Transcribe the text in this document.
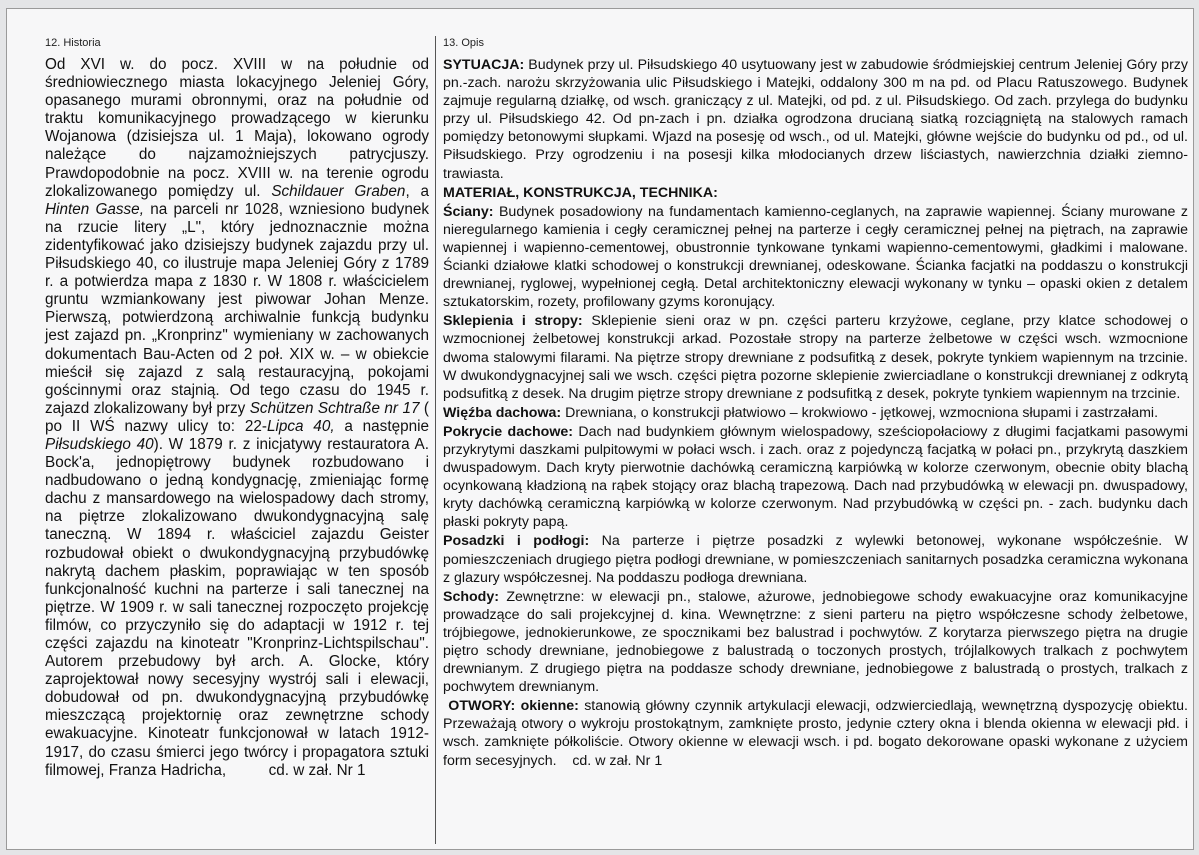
12. Historia

Od XVI w. do pocz. XVIII w na południe od średniowiecznego miasta lokacyjnego Jeleniej Góry, opasanego murami obronnymi, oraz na południe od traktu komunikacyjnego prowadzącego w kierunku Wojanowa (dzisiejsza ul. 1 Maja), lokowano ogrody należące do najzamożniejszych patrycjuszy. Prawdopodobnie na pocz. XVIII w. na terenie ogrodu zlokalizowanego pomiędzy ul. Schildauer Graben, a Hinten Gasse, na parceli nr 1028, wzniesiono budynek na rzucie litery „L", który jednoznacznie można zidentyfikować jako dzisiejszy budynek zajazdu przy ul. Piłsudskiego 40, co ilustruje mapa Jeleniej Góry z 1789 r. a potwierdza mapa z 1830 r. W 1808 r. właścicielem gruntu wzmiankowany jest piwowar Johan Menze. Pierwszą, potwierdzoną archiwalnie funkcją budynku jest zajazd pn. „Kronprinz" wymieniany w zachowanych dokumentach Bau-Acten od 2 poł. XIX w. – w obiekcie mieścił się zajazd z salą restauracyjną, pokojami gościnnymi oraz stajnią. Od tego czasu do 1945 r. zajazd zlokalizowany był przy Schützen Schtraße nr 17 ( po II WŚ nazwy ulicy to: 22-Lipca 40, a następnie Piłsudskiego 40). W 1879 r. z inicjatywy restauratora A. Bock'a, jednopiętrowy budynek rozbudowano i nadbudowano o jedną kondygnację, zmieniając formę dachu z mansardowego na wielospadowy dach stromy, na piętrze zlokalizowano dwukondygnacyjną salę taneczną. W 1894 r. właściciel zajazdu Geister rozbudował obiekt o dwukondygnacyjną przybudówkę nakrytą dachem płaskim, poprawiając w ten sposób funkcjonalność kuchni na parterze i sali tanecznej na piętrze. W 1909 r. w sali tanecznej rozpoczęto projekcję filmów, co przyczyniło się do adaptacji w 1912 r. tej części zajazdu na kinoteatr "Kronprinz-Lichtspilschau". Autorem przebudowy był arch. A. Glocke, który zaprojektował nowy secesyjny wystrój sali i elewacji, dobudował od pn. dwukondygnacyjną przybudówkę mieszczącą projektornię oraz zewnętrzne schody ewakuacyjne. Kinoteatr funkcjonował w latach 1912-1917, do czasu śmierci jego twórcy i propagatora sztuki filmowej, Franza Hadricha,	cd. w zał. Nr 1

13. Opis

SYTUACJA: Budynek przy ul. Piłsudskiego 40 usytuowany jest w zabudowie śródmiejskiej centrum Jeleniej Góry przy pn.-zach. narożu skrzyżowania ulic Piłsudskiego i Matejki, oddalony 300 m na pd. od Placu Ratuszowego. Budynek zajmuje regularną działkę, od wsch. graniczący z ul. Matejki, od pd. z ul. Piłsudskiego. Od zach. przylega do budynku przy ul. Piłsudskiego 42. Od pn-zach i pn. działka ogrodzona drucianą siatką rozciągniętą na stalowych ramach pomiędzy betonowymi słupkami. Wjazd na posesję od wsch., od ul. Matejki, główne wejście do budynku od pd., od ul. Piłsudskiego. Przy ogrodzeniu i na posesji kilka młodocianych drzew liściastych, nawierzchnia działki ziemno-trawiasta.

MATERIAŁ, KONSTRUKCJA, TECHNIKA:

Ściany: Budynek posadowiony na fundamentach kamienno-ceglanych, na zaprawie wapiennej. Ściany murowane z nieregularnego kamienia i cegły ceramicznej pełnej na parterze i cegły ceramicznej pełnej na piętrach, na zaprawie wapiennej i wapienno-cementowej, obustronnie tynkowane tynkami wapienno-cementowymi, gładkimi i malowane. Ścianki działowe klatki schodowej o konstrukcji drewnianej, odeskowane. Ścianka facjatki na poddaszu o konstrukcji drewnianej, ryglowej, wypełnionej cegłą. Detal architektoniczny elewacji wykonany w tynku – opaski okien z detalem sztukatorskim, rozety, profilowany gzyms koronujący.

Sklepienia i stropy: Sklepienie sieni oraz w pn. części parteru krzyżowe, ceglane, przy klatce schodowej o wzmocnionej żelbetowej konstrukcji arkad. Pozostałe stropy na parterze żelbetowe w części wsch. wzmocnione dwoma stalowymi filarami. Na piętrze stropy drewniane z podsufitką z desek, pokryte tynkiem wapiennym na trzcinie. W dwukondygnacyjnej sali we wsch. części piętra pozorne sklepienie zwierciadlane o konstrukcji drewnianej z odkrytą podsufitką z desek. Na drugim piętrze stropy drewniane z podsufitką z desek, pokryte tynkiem wapiennym na trzcinie.

Więźba dachowa: Drewniana, o konstrukcji płatwiowo – krokwiowo - jętkowej, wzmocniona słupami i zastrzałami.

Pokrycie dachowe: Dach nad budynkiem głównym wielospadowy, sześciopołaciowy z długimi facjatkami pasowymi przykrytymi daszkami pulpitowymi w połaci wsch. i zach. oraz z pojedynczą facjatką w połaci pn., przykrytą daszkiem dwuspadowym. Dach kryty pierwotnie dachówką ceramiczną karpiówką w kolorze czerwonym, obecnie obity blachą ocynkowaną kładzioną na rąbek stojący oraz blachą trapezową. Dach nad przybudówką w elewacji pn. dwuspadowy, kryty dachówką ceramiczną karpiówką w kolorze czerwonym. Nad przybudówką w części pn. - zach. budynku dach płaski pokryty papą.

Posadzki i podłogi: Na parterze i piętrze posadzki z wylewki betonowej, wykonane współcześnie. W pomieszczeniach drugiego piętra podłogi drewniane, w pomieszczeniach sanitarnych posadzka ceramiczna wykonana z glazury współczesnej. Na poddaszu podłoga drewniana.

Schody: Zewnętrzne: w elewacji pn., stalowe, ażurowe, jednobiegowe schody ewakuacyjne oraz komunikacyjne prowadzące do sali projekcyjnej d. kina. Wewnętrzne: z sieni parteru na piętro współczesne schody żelbetowe, trójbiegowe, jednokierunkowe, ze spocznikami bez balustrad i pochwytów. Z korytarza pierwszego piętra na drugie piętro schody drewniane, jednobiegowe z balustradą o toczonych prostych, trójlalkowych tralkach z pochwytem drewnianym. Z drugiego piętra na poddasze schody drewniane, jednobiegowe z balustradą o prostych, tralkach z pochwytem drewnianym.

OTWORY: okienne: stanowią główny czynnik artykulacji elewacji, odzwierciedlają, wewnętrzną dyspozycję obiektu. Przeważają otwory o wykroju prostokątnym, zamknięte prosto, jedynie cztery okna i blenda okienna w elewacji płd. i wsch. zamknięte półkoliście. Otwory okienne w elewacji wsch. i pd. bogato dekorowane opaski wykonane z użyciem form secesyjnych. cd. w zał. Nr 1
